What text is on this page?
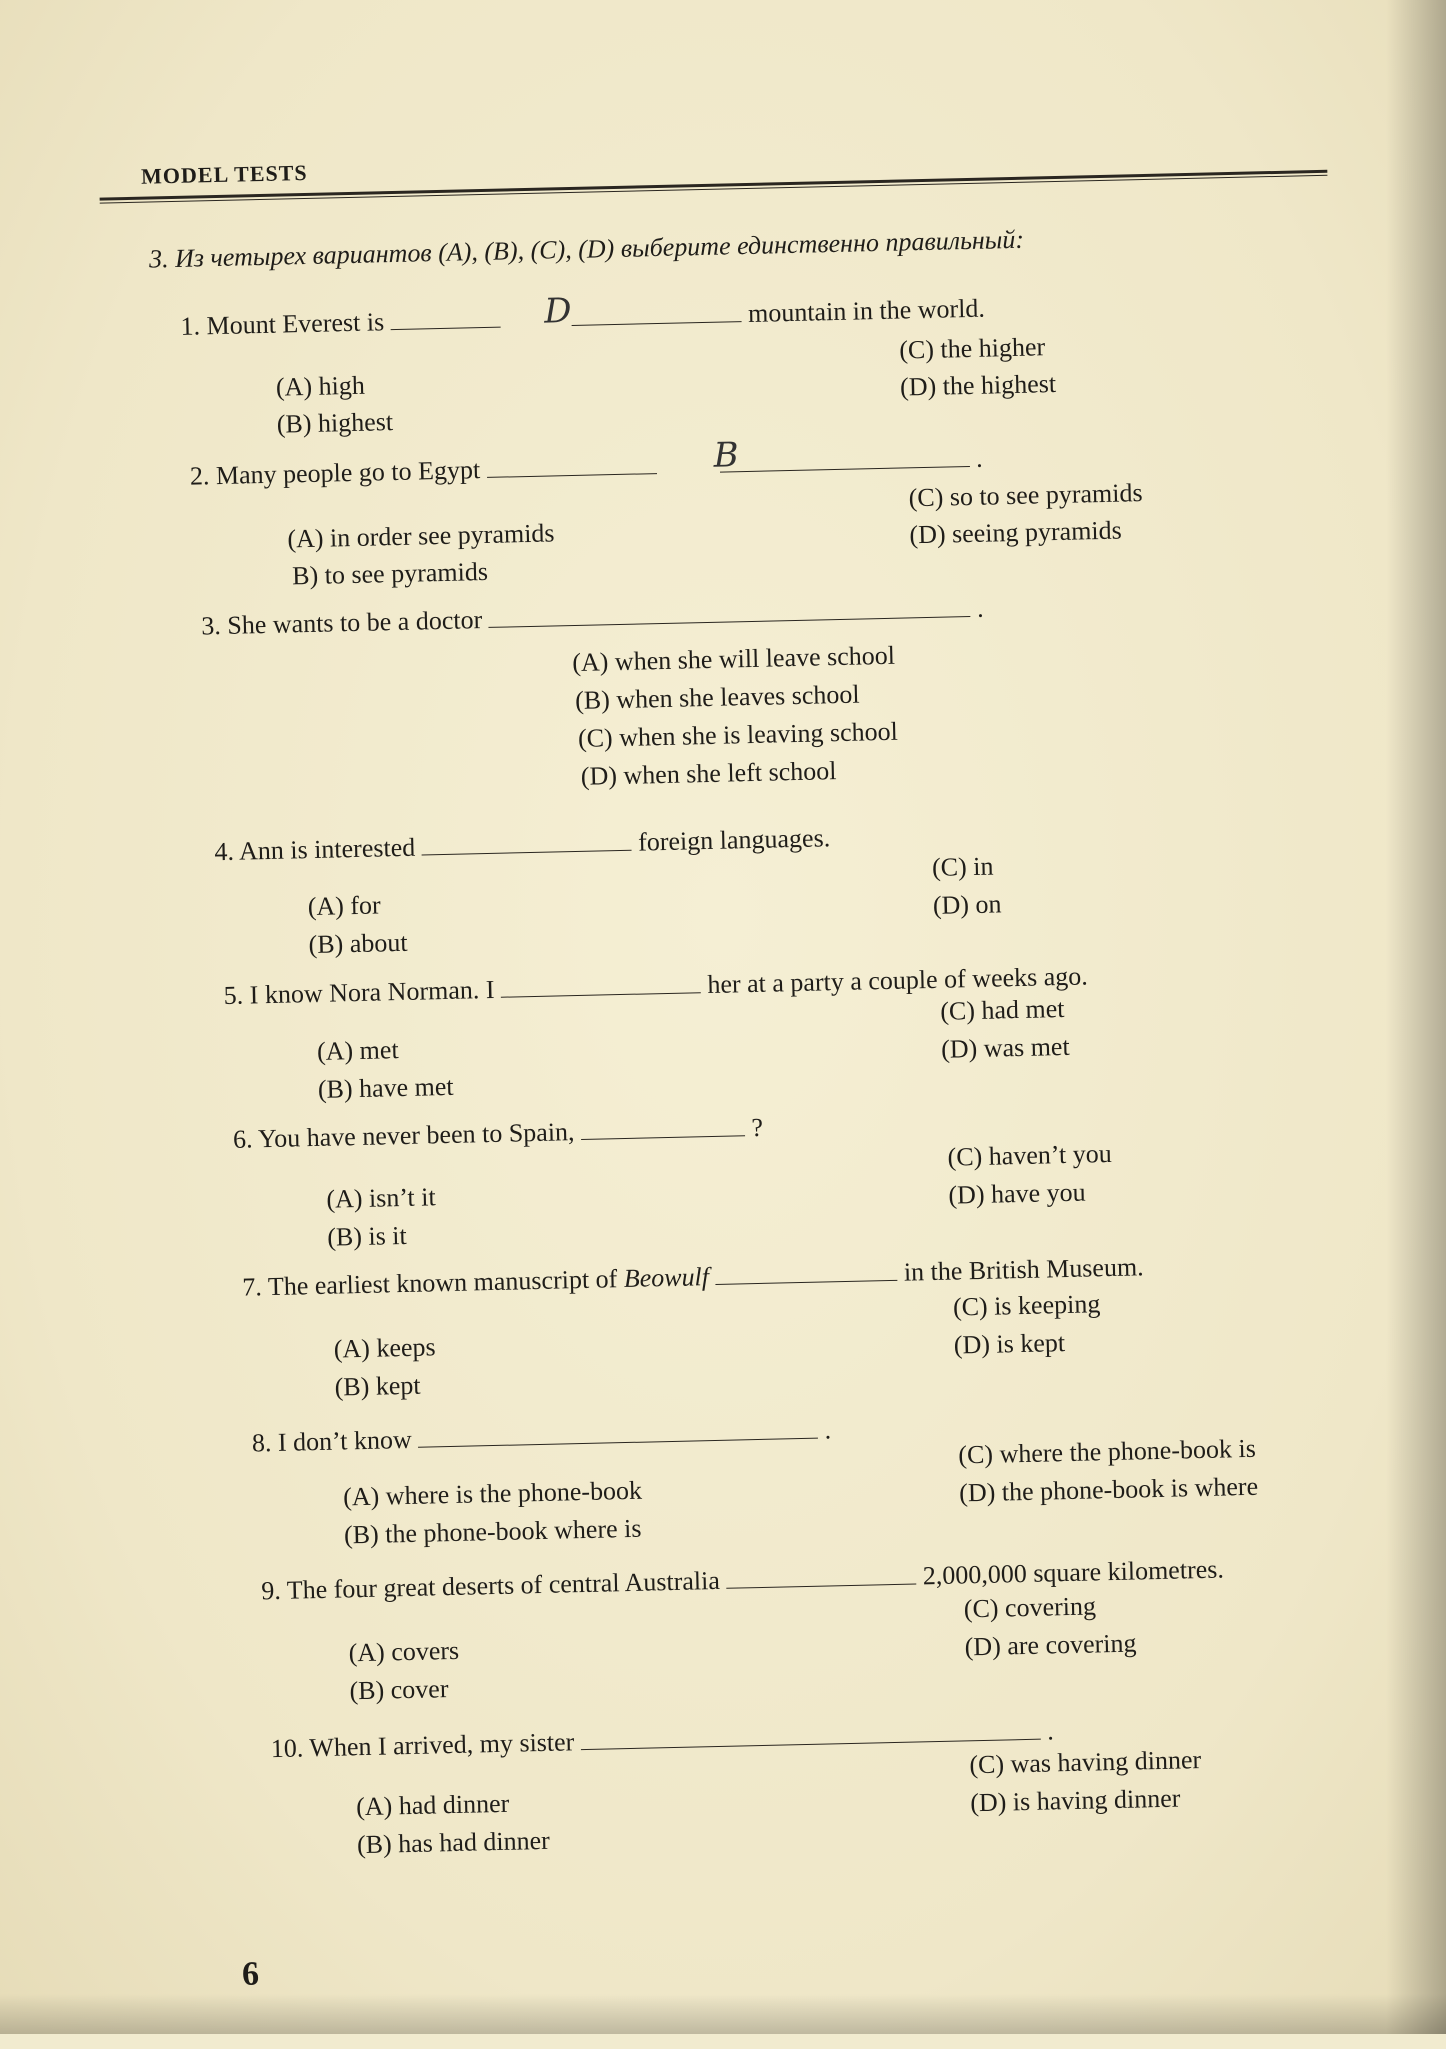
MODEL TESTS
3. Из четырех вариантов (A), (B), (C), (D) выберите единственно правильный:
1. Mount Everest is	mountain in the world.
D
(A) high
(B) highest
(C) the higher
(D) the highest
2. Many people go to Egypt	.
B
(A) in order see pyramids
B) to see pyramids
(C) so to see pyramids
(D) seeing pyramids
3. She wants to be a doctor	.
(A) when she will leave school
(B) when she leaves school
(C) when she is leaving school
(D) when she left school
4. Ann is interested	foreign languages.
(A) for
(B) about
(C) in
(D) on
5. I know Nora Norman. I	her at a party a couple of weeks ago.
(A) met
(B) have met
(C) had met
(D) was met
6. You have never been to Spain,	?
(A) isn’t it
(B) is it
(C) haven’t you
(D) have you
7. The earliest known manuscript of Beowulf	in the British Museum.
(A) keeps
(B) kept
(C) is keeping
(D) is kept
8. I don’t know	.
(A) where is the phone-book
(B) the phone-book where is
(C) where the phone-book is
(D) the phone-book is where
9. The four great deserts of central Australia	2,000,000 square kilometres.
(A) covers
(B) cover
(C) covering
(D) are covering
10. When I arrived, my sister	.
(A) had dinner
(B) has had dinner
(C) was having dinner
(D) is having dinner
6
